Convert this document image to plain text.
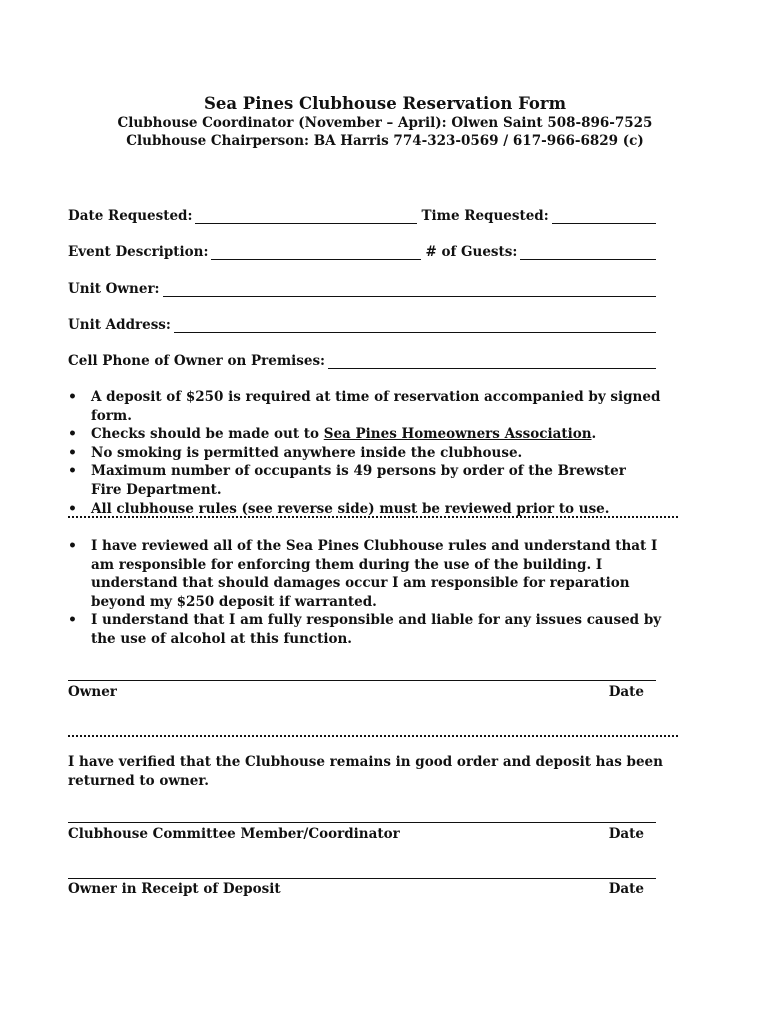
Sea Pines Clubhouse Reservation Form
Clubhouse Coordinator (November – April): Olwen Saint 508-896-7525
Clubhouse Chairperson: BA Harris 774-323-0569 / 617-966-6829 (c)
Date Requested:	Time Requested:
Event Description:	# of Guests:
Unit Owner:
Unit Address:
Cell Phone of Owner on Premises:
• A deposit of $250 is required at time of reservation accompanied by signed form.
• Checks should be made out to Sea Pines Homeowners Association.
• No smoking is permitted anywhere inside the clubhouse.
• Maximum number of occupants is 49 persons by order of the Brewster Fire Department.
• All clubhouse rules (see reverse side) must be reviewed prior to use.
• I have reviewed all of the Sea Pines Clubhouse rules and understand that I am responsible for enforcing them during the use of the building. I understand that should damages occur I am responsible for reparation beyond my $250 deposit if warranted.
• I understand that I am fully responsible and liable for any issues caused by the use of alcohol at this function.
Owner	Date
I have verified that the Clubhouse remains in good order and deposit has been returned to owner.
Clubhouse Committee Member/Coordinator	Date
Owner in Receipt of Deposit	Date
